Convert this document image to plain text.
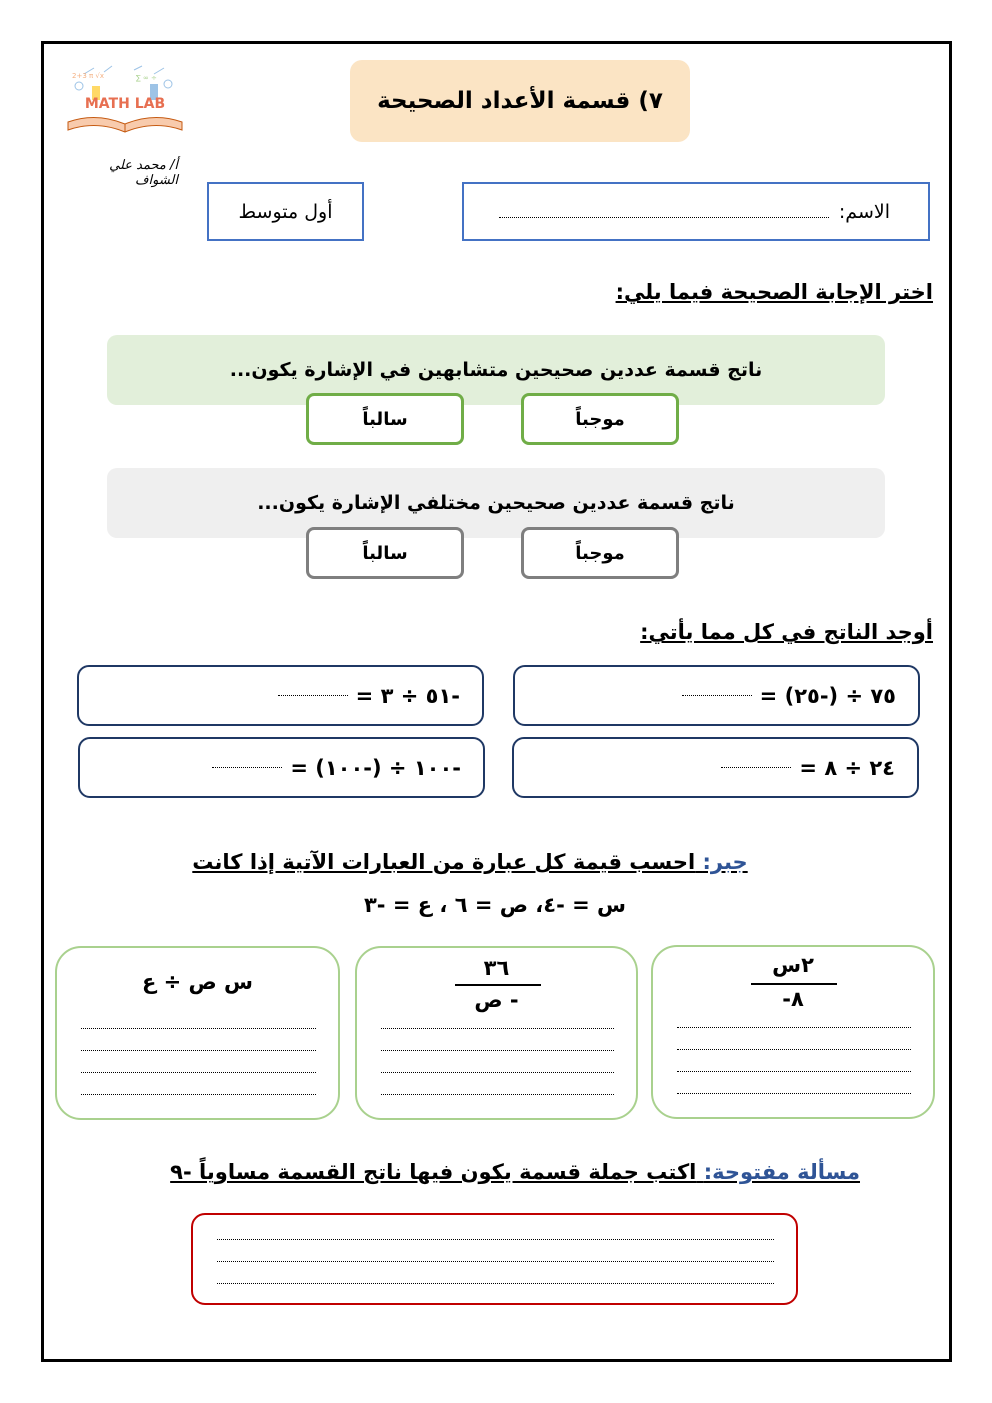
2+3 π √x	∑ ∞ ÷
MATH LAB
أ/ محمد علي الشواف
٧) قسمة الأعداد الصحيحة
الاسم:
أول متوسط
اختر الإجابة الصحيحة فيما يلي:
ناتج قسمة عددين صحيحين متشابهين في الإشارة يكون...
موجباً
سالباً
ناتج قسمة عددين صحيحين مختلفي الإشارة يكون...
موجباً
سالباً
أوجد الناتج في كل مما يأتي:
٧٥ ÷ (-٢٥) =
-٥١ ÷ ٣ =
٢٤ ÷ ٨ =
-١٠٠ ÷ (-١٠٠) =
جبر: احسب قيمة كل عبارة من العبارات الآتية إذا كانت
س = -٤، ص = ٦ ، ع = -٣
٢س
-٨
٣٦
- ص
س ص ÷ ع
مسألة مفتوحة: اكتب جملة قسمة يكون فيها ناتج القسمة مساوياً -٩
